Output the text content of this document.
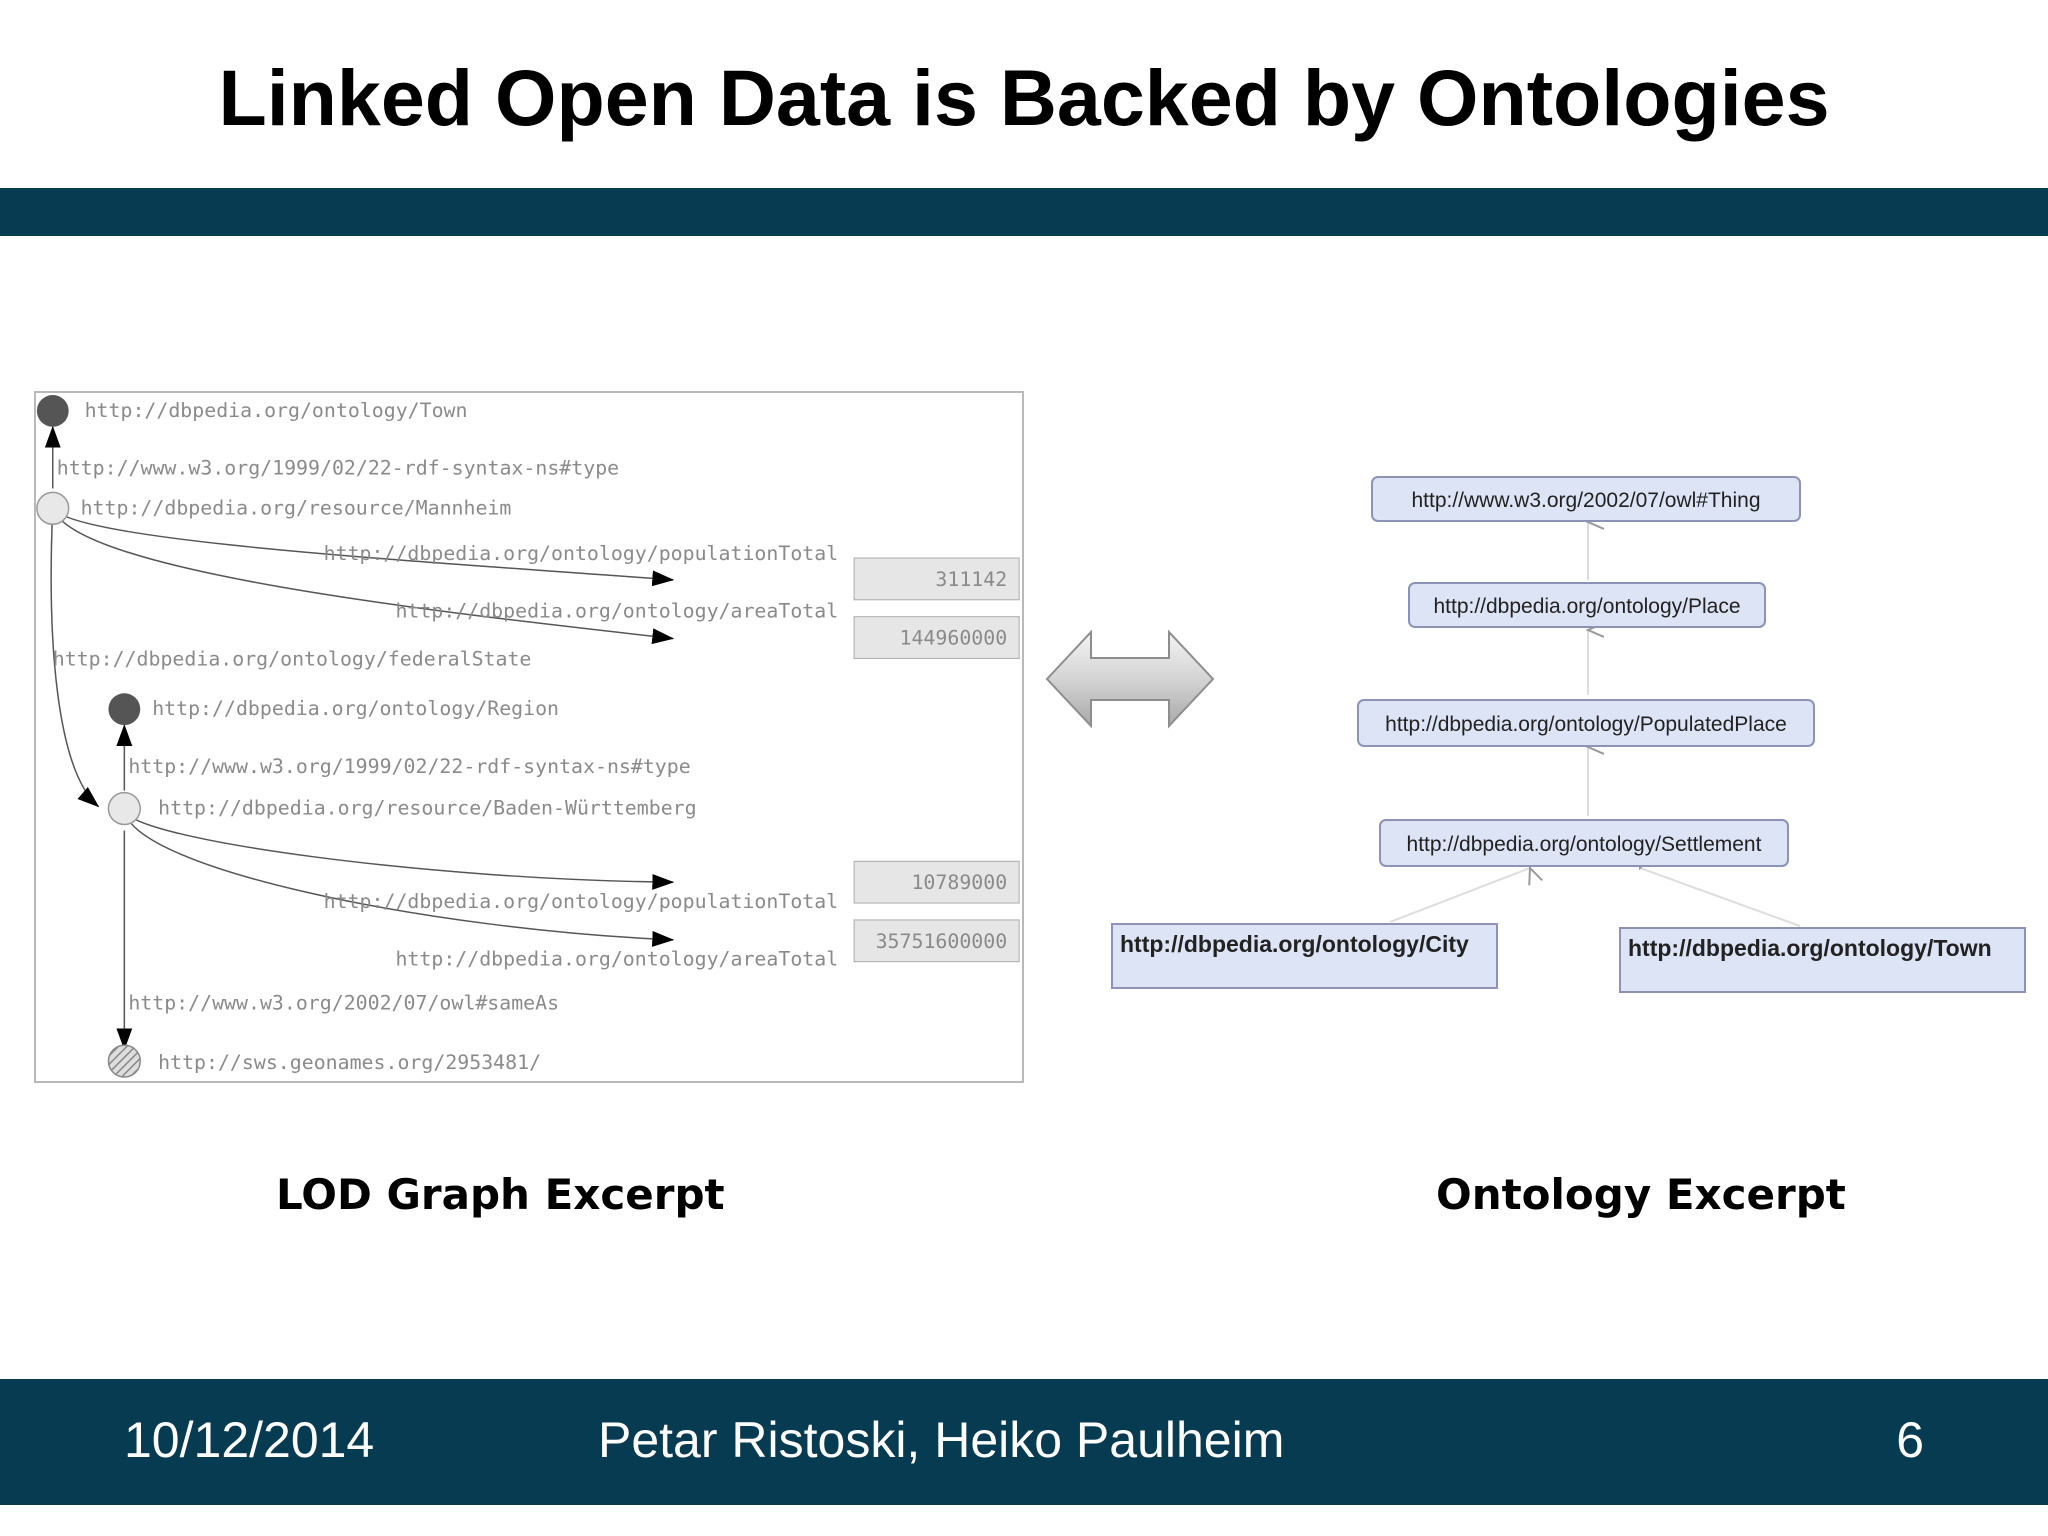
Linked Open Data is Backed by Ontologies
http://dbpedia.org/ontology/Town
http://www.w3.org/1999/02/22-rdf-syntax-ns#type
http://dbpedia.org/resource/Mannheim
http://dbpedia.org/ontology/populationTotal
311142
http://dbpedia.org/ontology/areaTotal
144960000
http://dbpedia.org/ontology/federalState
http://dbpedia.org/ontology/Region
http://www.w3.org/1999/02/22-rdf-syntax-ns#type
http://dbpedia.org/resource/Baden-Württemberg
10789000
http://dbpedia.org/ontology/populationTotal
35751600000
http://dbpedia.org/ontology/areaTotal
http://www.w3.org/2002/07/owl#sameAs
http://sws.geonames.org/2953481/
http://www.w3.org/2002/07/owl#Thing
http://dbpedia.org/ontology/Place
http://dbpedia.org/ontology/PopulatedPlace
http://dbpedia.org/ontology/Settlement
http://dbpedia.org/ontology/City	http://dbpedia.org/ontology/Town
LOD Graph Excerpt	Ontology Excerpt
10/12/2014	Petar Ristoski, Heiko Paulheim	6
